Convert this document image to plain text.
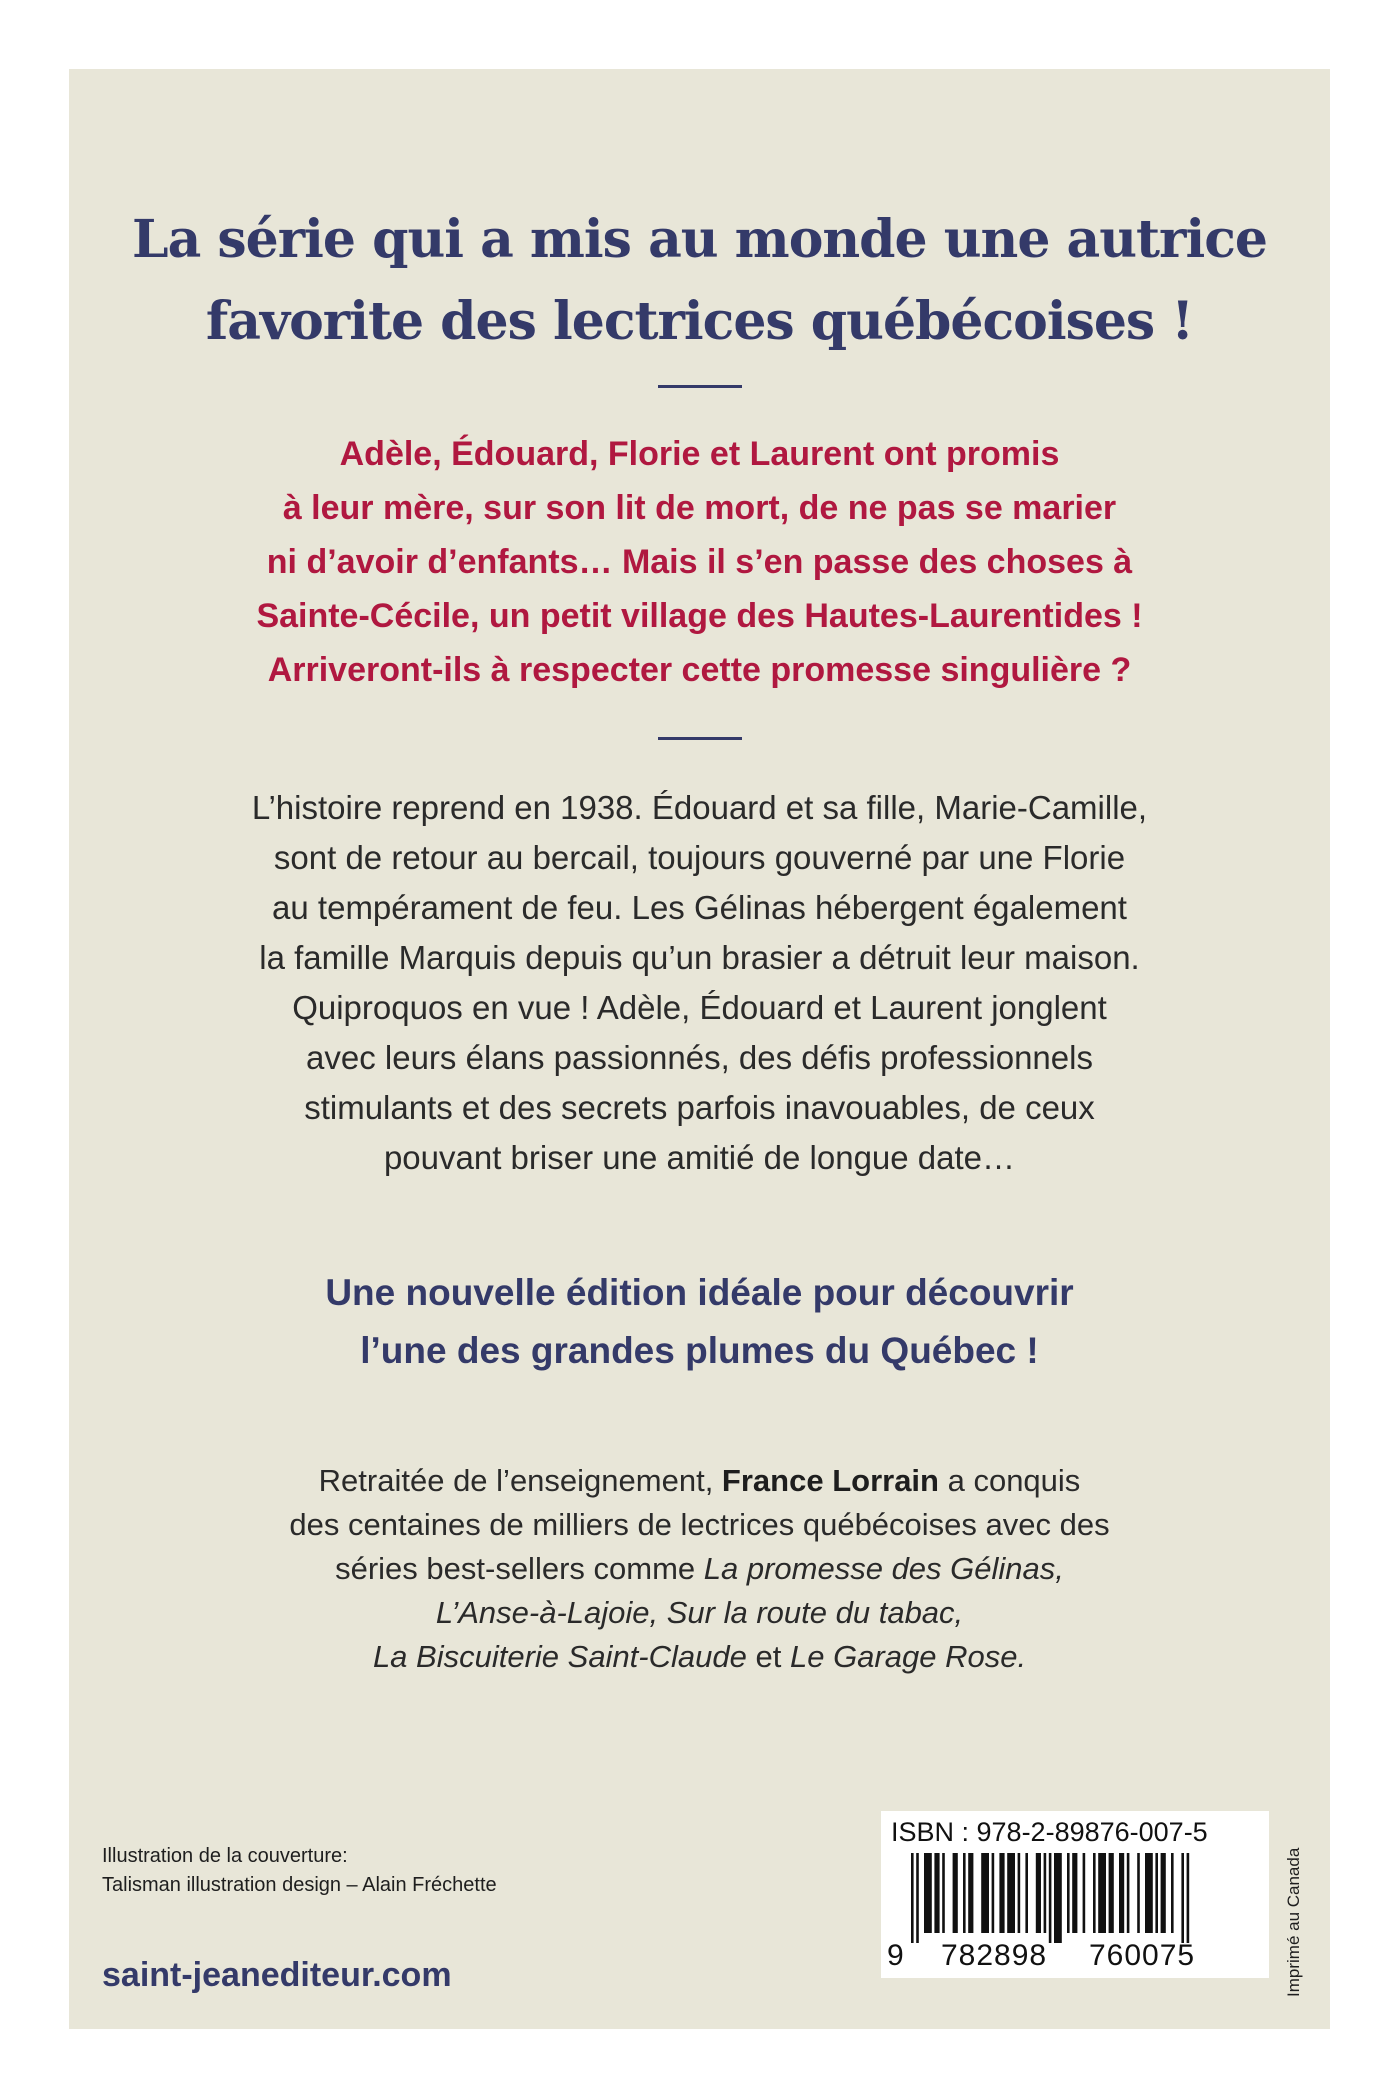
La série qui a mis au monde une autrice
favorite des lectrices québécoises !
Adèle, Édouard, Florie et Laurent ont promis
à leur mère, sur son lit de mort, de ne pas se marier
ni d’avoir d’enfants… Mais il s’en passe des choses à
Sainte-Cécile, un petit village des Hautes-Laurentides !
Arriveront-ils à respecter cette promesse singulière ?
L’histoire reprend en 1938. Édouard et sa fille, Marie-Camille,
sont de retour au bercail, toujours gouverné par une Florie
au tempérament de feu. Les Gélinas hébergent également
la famille Marquis depuis qu’un brasier a détruit leur maison.
Quiproquos en vue ! Adèle, Édouard et Laurent jonglent
avec leurs élans passionnés, des défis professionnels
stimulants et des secrets parfois inavouables, de ceux
pouvant briser une amitié de longue date…
Une nouvelle édition idéale pour découvrir
l’une des grandes plumes du Québec !
Retraitée de l’enseignement, France Lorrain a conquis
des centaines de milliers de lectrices québécoises avec des
séries best-sellers comme La promesse des Gélinas,
L’Anse-à-Lajoie, Sur la route du tabac,
La Biscuiterie Saint-Claude et Le Garage Rose.
Illustration de la couverture:
Talisman illustration design – Alain Fréchette
saint-jeanediteur.com
ISBN : 978-2-89876-007-5
9 782898 760075	Imprimé au Canada
